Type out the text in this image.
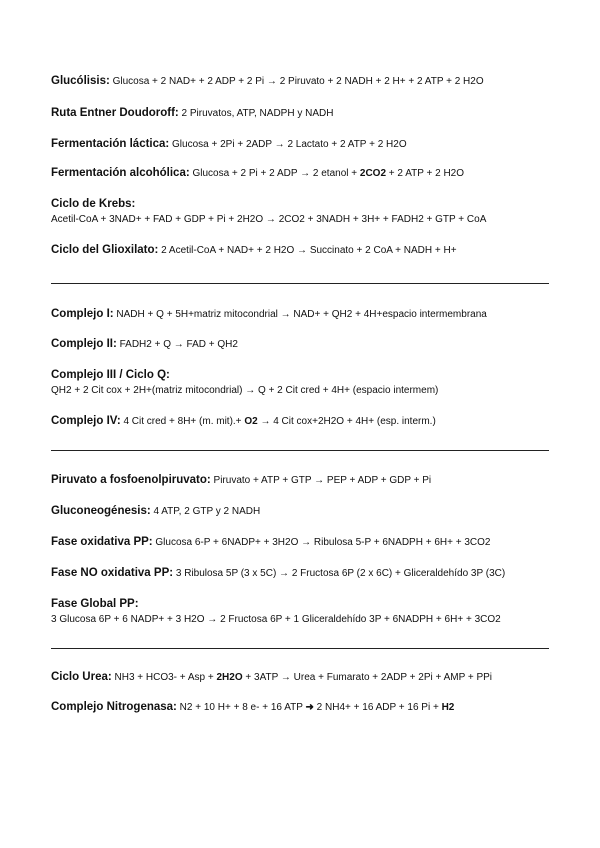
Glucólisis: Glucosa + 2 NAD+ + 2 ADP + 2 Pi → 2 Piruvato + 2 NADH + 2 H+ + 2 ATP + 2 H2O
Ruta Entner Doudoroff: 2 Piruvatos, ATP, NADPH y NADH
Fermentación láctica: Glucosa + 2Pi + 2ADP → 2 Lactato + 2 ATP + 2 H2O
Fermentación alcohólica: Glucosa + 2 Pi + 2 ADP → 2 etanol + 2CO2 + 2 ATP + 2 H2O
Ciclo de Krebs:
Acetil-CoA + 3NAD+ + FAD + GDP + Pi + 2H2O → 2CO2 + 3NADH + 3H+ + FADH2 + GTP + CoA
Ciclo del Glioxilato: 2 Acetil-CoA + NAD+ + 2 H2O → Succinato + 2 CoA + NADH + H+
Complejo I: NADH + Q + 5H+matriz mitocondrial → NAD+ + QH2 + 4H+espacio intermembrana
Complejo II: FADH2 + Q → FAD + QH2
Complejo III / Ciclo Q:
QH2 + 2 Cit cox + 2H+(matriz mitocondrial) → Q + 2 Cit cred + 4H+ (espacio intermem)
Complejo IV: 4 Cit cred + 8H+ (m. mit).+ O2 → 4 Cit cox+2H2O + 4H+ (esp. interm.)
Piruvato a fosfoenolpiruvato: Piruvato + ATP + GTP → PEP + ADP + GDP + Pi
Gluconeogénesis: 4 ATP, 2 GTP y 2 NADH
Fase oxidativa PP: Glucosa 6-P + 6NADP+ + 3H2O → Ribulosa 5-P + 6NADPH + 6H+ + 3CO2
Fase NO oxidativa PP: 3 Ribulosa 5P (3 x 5C) → 2 Fructosa 6P (2 x 6C) + Gliceraldehído 3P (3C)
Fase Global PP:
3 Glucosa 6P + 6 NADP+ + 3 H2O → 2 Fructosa 6P + 1 Gliceraldehído 3P + 6NADPH + 6H+ + 3CO2
Ciclo Urea: NH3 + HCO3- + Asp + 2H2O + 3ATP → Urea + Fumarato + 2ADP + 2Pi + AMP + PPi
Complejo Nitrogenasa: N2 + 10 H+ + 8 e- + 16 ATP ➜ 2 NH4+ + 16 ADP + 16 Pi + H2
